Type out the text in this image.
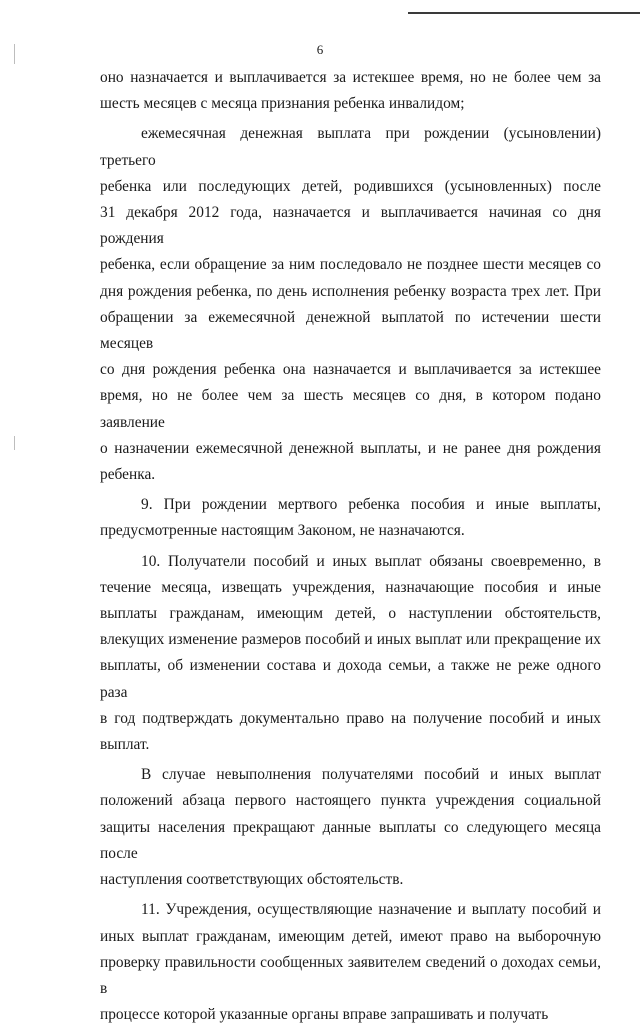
6
оно назначается и выплачивается за истекшее время, но не более чем за
шесть месяцев с месяца признания ребенка инвалидом;
ежемесячная денежная выплата при рождении (усыновлении) третьего
ребенка или последующих детей, родившихся (усыновленных) после
31 декабря 2012 года, назначается и выплачивается начиная со дня рождения
ребенка, если обращение за ним последовало не позднее шести месяцев со
дня рождения ребенка, по день исполнения ребенку возраста трех лет. При
обращении за ежемесячной денежной выплатой по истечении шести месяцев
со дня рождения ребенка она назначается и выплачивается за истекшее
время, но не более чем за шесть месяцев со дня, в котором подано заявление
о назначении ежемесячной денежной выплаты, и не ранее дня рождения
ребенка.
9. При рождении мертвого ребенка пособия и иные выплаты,
предусмотренные настоящим Законом, не назначаются.
10. Получатели пособий и иных выплат обязаны своевременно, в
течение месяца, извещать учреждения, назначающие пособия и иные
выплаты гражданам, имеющим детей, о наступлении обстоятельств,
влекущих изменение размеров пособий и иных выплат или прекращение их
выплаты, об изменении состава и дохода семьи, а также не реже одного раза
в год подтверждать документально право на получение пособий и иных
выплат.
В случае невыполнения получателями пособий и иных выплат
положений абзаца первого настоящего пункта учреждения социальной
защиты населения прекращают данные выплаты со следующего месяца после
наступления соответствующих обстоятельств.
11. Учреждения, осуществляющие назначение и выплату пособий и
иных выплат гражданам, имеющим детей, имеют право на выборочную
проверку правильности сообщенных заявителем сведений о доходах семьи, в
процессе которой указанные органы вправе запрашивать и получать
